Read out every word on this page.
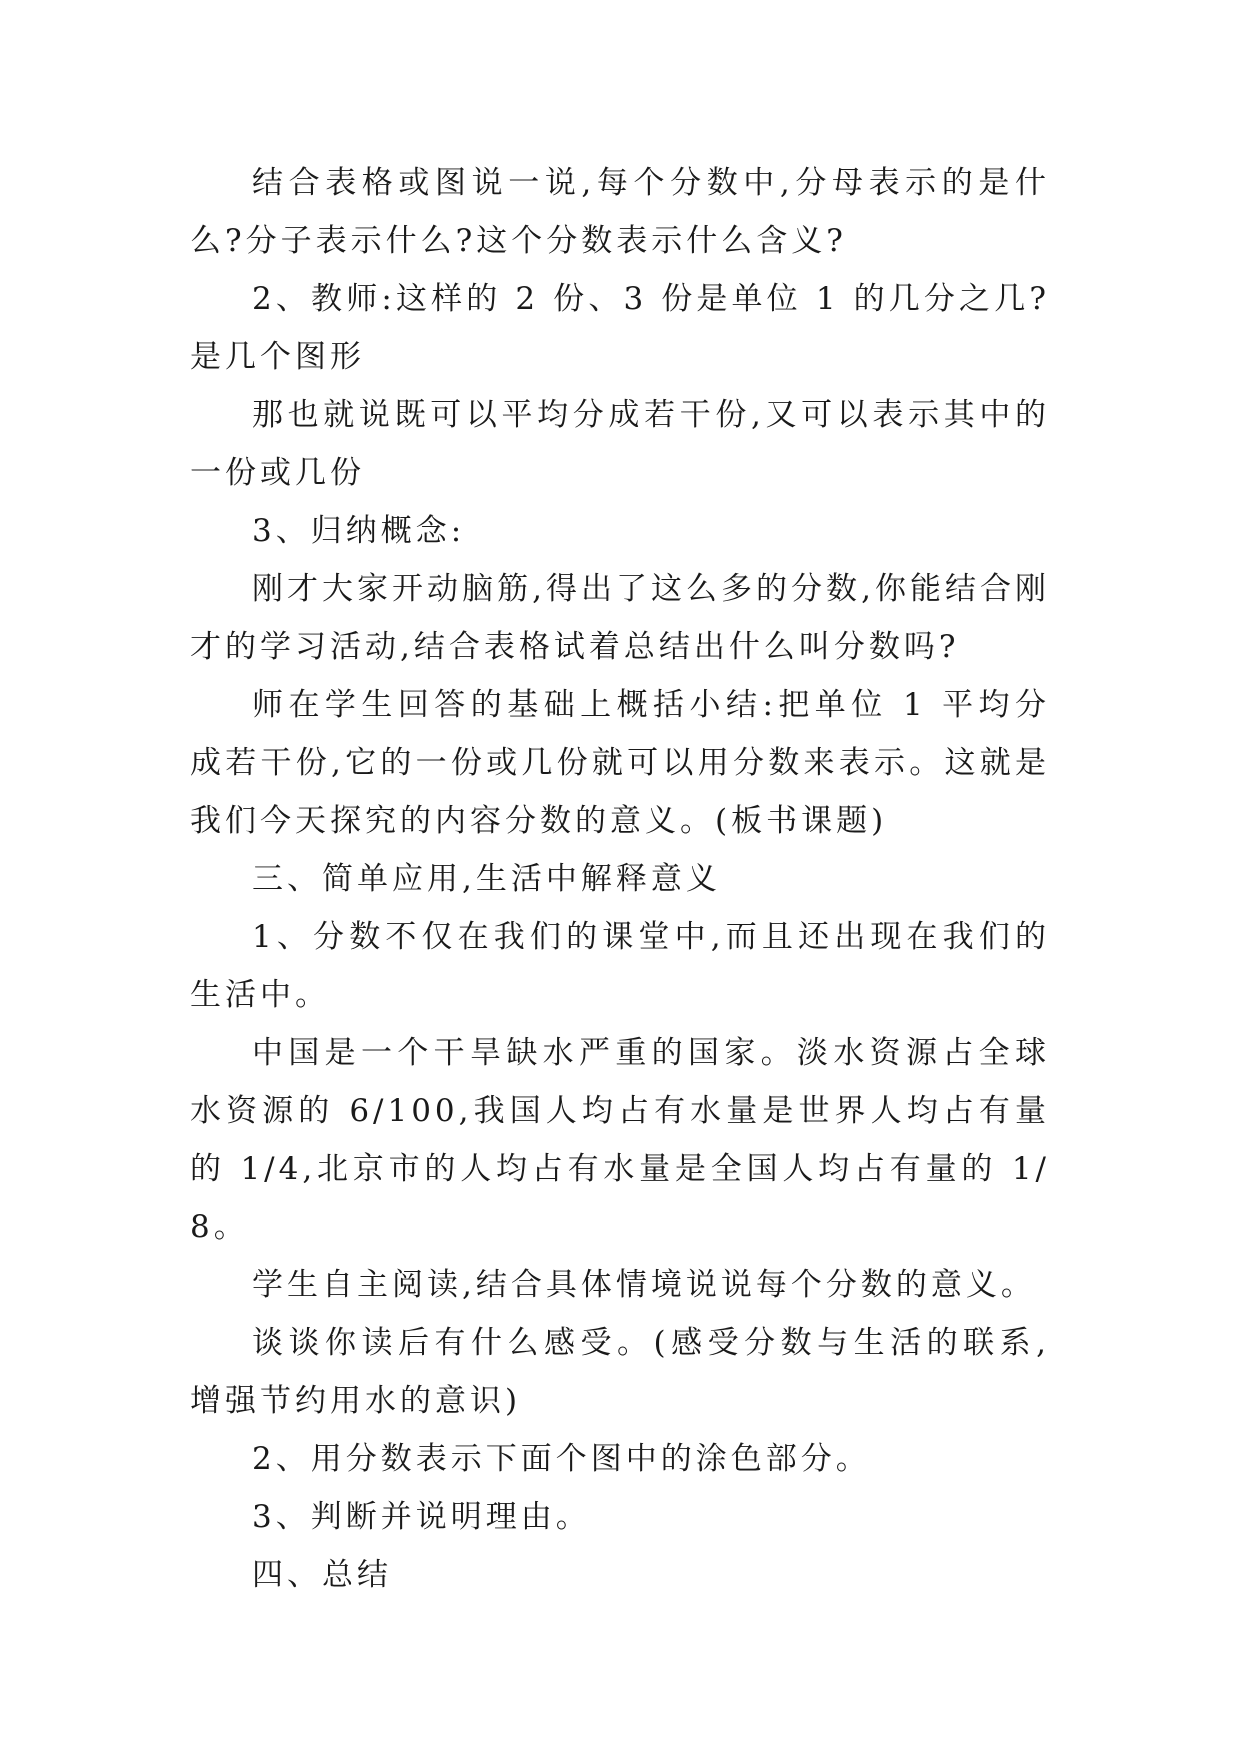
结合表格或图说一说,每个分数中,分母表示的是什么?分子表示什么?这个分数表示什么含义?

2、教师:这样的 2 份、3 份是单位 1 的几分之几?是几个图形

那也就说既可以平均分成若干份,又可以表示其中的一份或几份

3、归纳概念:

刚才大家开动脑筋,得出了这么多的分数,你能结合刚才的学习活动,结合表格试着总结出什么叫分数吗?

师在学生回答的基础上概括小结:把单位 1 平均分成若干份,它的一份或几份就可以用分数来表示。这就是我们今天探究的内容分数的意义。(板书课题)

三、简单应用,生活中解释意义

1、分数不仅在我们的课堂中,而且还出现在我们的生活中。

中国是一个干旱缺水严重的国家。淡水资源占全球水资源的 6/100,我国人均占有水量是世界人均占有量的 1/4,北京市的人均占有水量是全国人均占有量的 1/8。

学生自主阅读,结合具体情境说说每个分数的意义。

谈谈你读后有什么感受。(感受分数与生活的联系,增强节约用水的意识)

2、用分数表示下面个图中的涂色部分。

3、判断并说明理由。

四、总结
